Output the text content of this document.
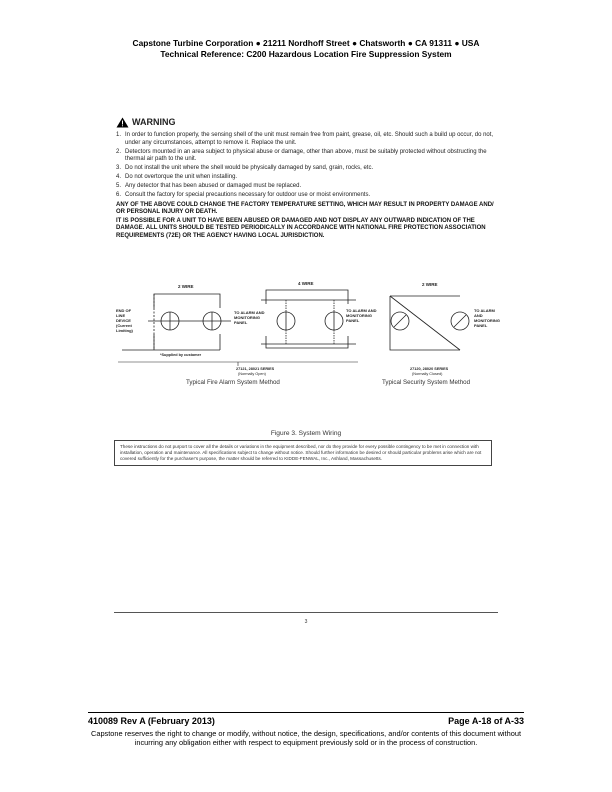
Capstone Turbine Corporation ● 21211 Nordhoff Street ● Chatsworth ● CA 91311 ● USA
Technical Reference: C200 Hazardous Location Fire Suppression System
WARNING
1. In order to function properly, the sensing shell of the unit must remain free from paint, grease, oil, etc. Should such a build up occur, do not, under any circumstances, attempt to remove it. Replace the unit.
2. Detectors mounted in an area subject to physical abuse or damage, other than above, must be suitably protected without obstructing the thermal air path to the unit.
3. Do not install the unit where the shell would be physically damaged by sand, grain, rocks, etc.
4. Do not overtorque the unit when installing.
5. Any detector that has been abused or damaged must be replaced.
6. Consult the factory for special precautions necessary for outdoor use or moist environments.
ANY OF THE ABOVE COULD CHANGE THE FACTORY TEMPERATURE SETTING, WHICH MAY RESULT IN PROPERTY DAMAGE AND/ OR PERSONAL INJURY OR DEATH.
IT IS POSSIBLE FOR A UNIT TO HAVE BEEN ABUSED OR DAMAGED AND NOT DISPLAY ANY OUTWARD INDICATION OF THE DAMAGE. ALL UNITS SHOULD BE TESTED PERIODICALLY IN ACCORDANCE WITH NATIONAL FIRE PROTECTION ASSOCIATION REQUIREMENTS (72E) OR THE AGENCY HAVING LOCAL JURISDICTION.
2 WIRE
END OF LINE DEVICE (Current Limiting)
TO ALARM AND MONITORING PANEL
*Supplied by customer
4 WIRE
TO ALARM AND MONITORING PANEL
27121, 28021 SERIES
(Normally Open)
2 WIRE
TO ALARM AND MONITORING PANEL
27120, 28020 SERIES
(Normally Closed)
Typical Fire Alarm System Method	Typical Security System Method
Figure 3. System Wiring
These instructions do not purport to cover all the details or variations in the equipment described, nor do they provide for every possible contingency to be met in connection with installation, operation and maintenance. All specifications subject to change without notice. Should further information be desired or should particular problems arise which are not covered sufficiently for the purchaser's purpose, the matter should be referred to KIDDE-FENWAL, Inc., Ashland, Massachusetts.
3
410089 Rev A (February 2013)	Page A-18 of A-33
Capstone reserves the right to change or modify, without notice, the design, specifications, and/or contents of this document without incurring any obligation either with respect to equipment previously sold or in the process of construction.
